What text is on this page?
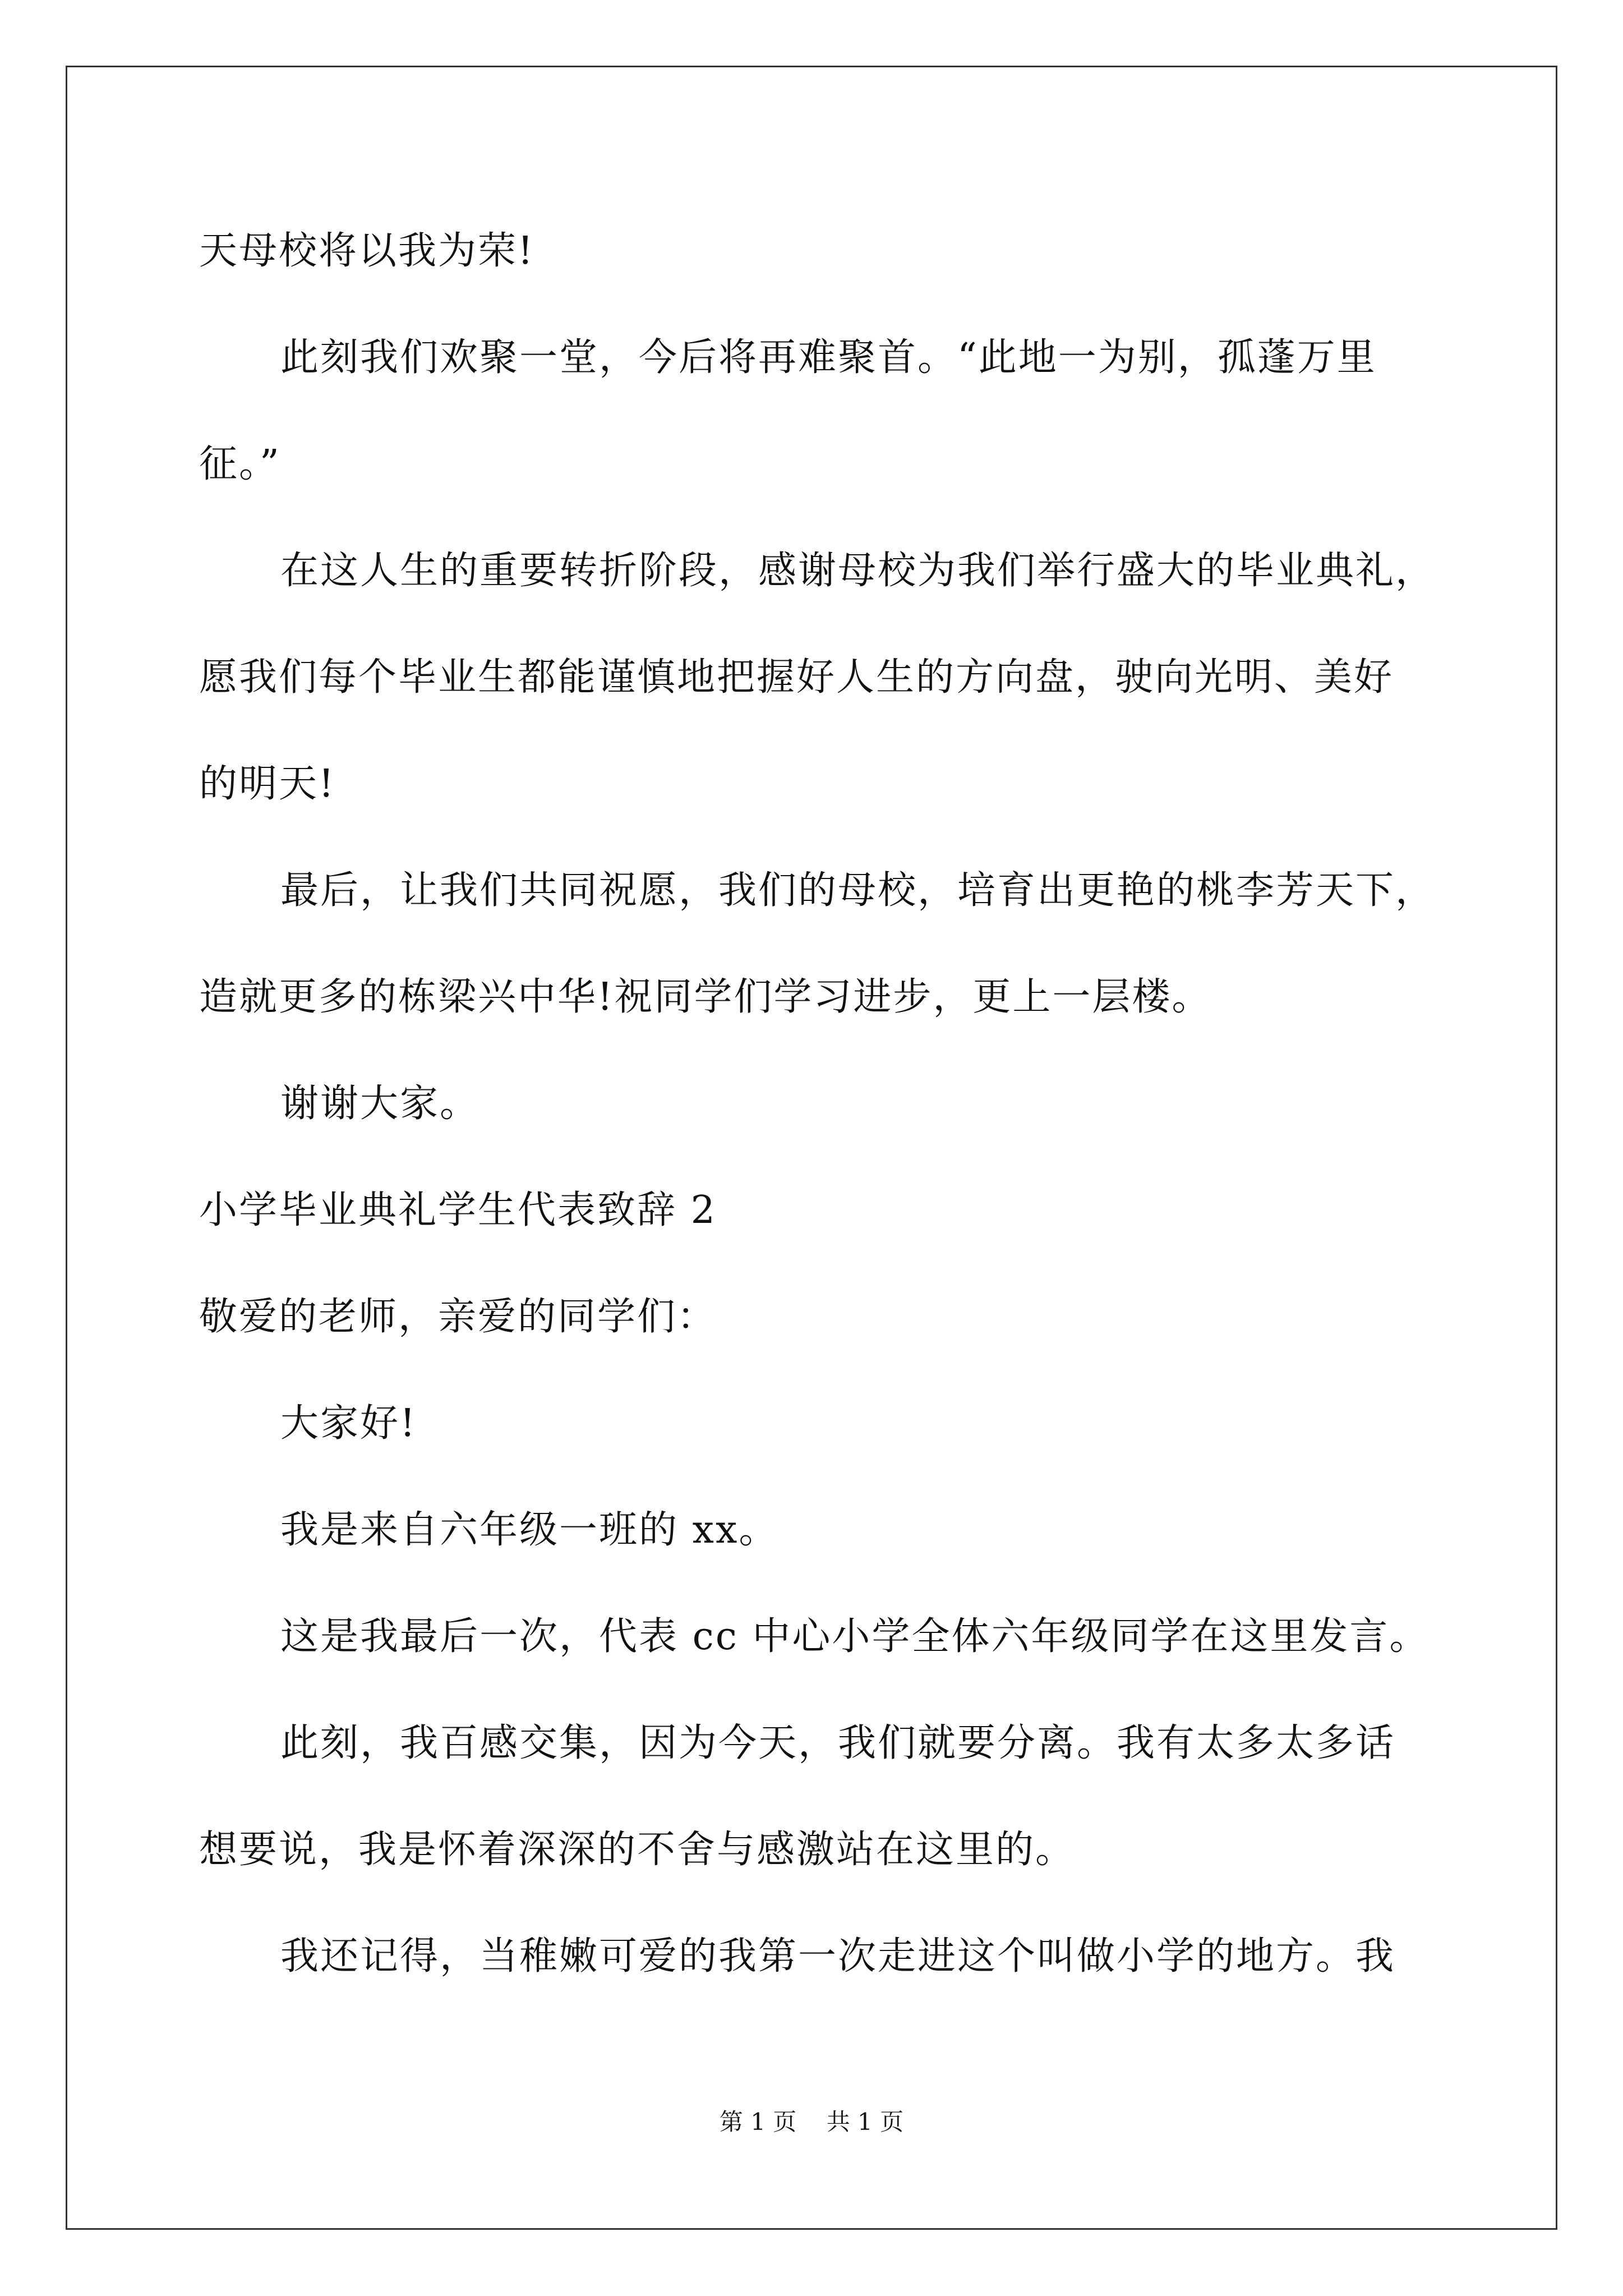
天母校将以我为荣!
此刻我们欢聚一堂，今后将再难聚首。“此地一为别，孤蓬万里
征。”
在这人生的重要转折阶段，感谢母校为我们举行盛大的毕业典礼，
愿我们每个毕业生都能谨慎地把握好人生的方向盘，驶向光明、美好
的明天!
最后，让我们共同祝愿，我们的母校，培育出更艳的桃李芳天下，
造就更多的栋梁兴中华!祝同学们学习进步，更上一层楼。
谢谢大家。
小学毕业典礼学生代表致辞 2
敬爱的老师，亲爱的同学们：
大家好!
我是来自六年级一班的 xx。
这是我最后一次，代表 cc 中心小学全体六年级同学在这里发言。
此刻，我百感交集，因为今天，我们就要分离。我有太多太多话
想要说，我是怀着深深的不舍与感激站在这里的。
我还记得，当稚嫩可爱的我第一次走进这个叫做小学的地方。我
第 1 页    共 1 页
